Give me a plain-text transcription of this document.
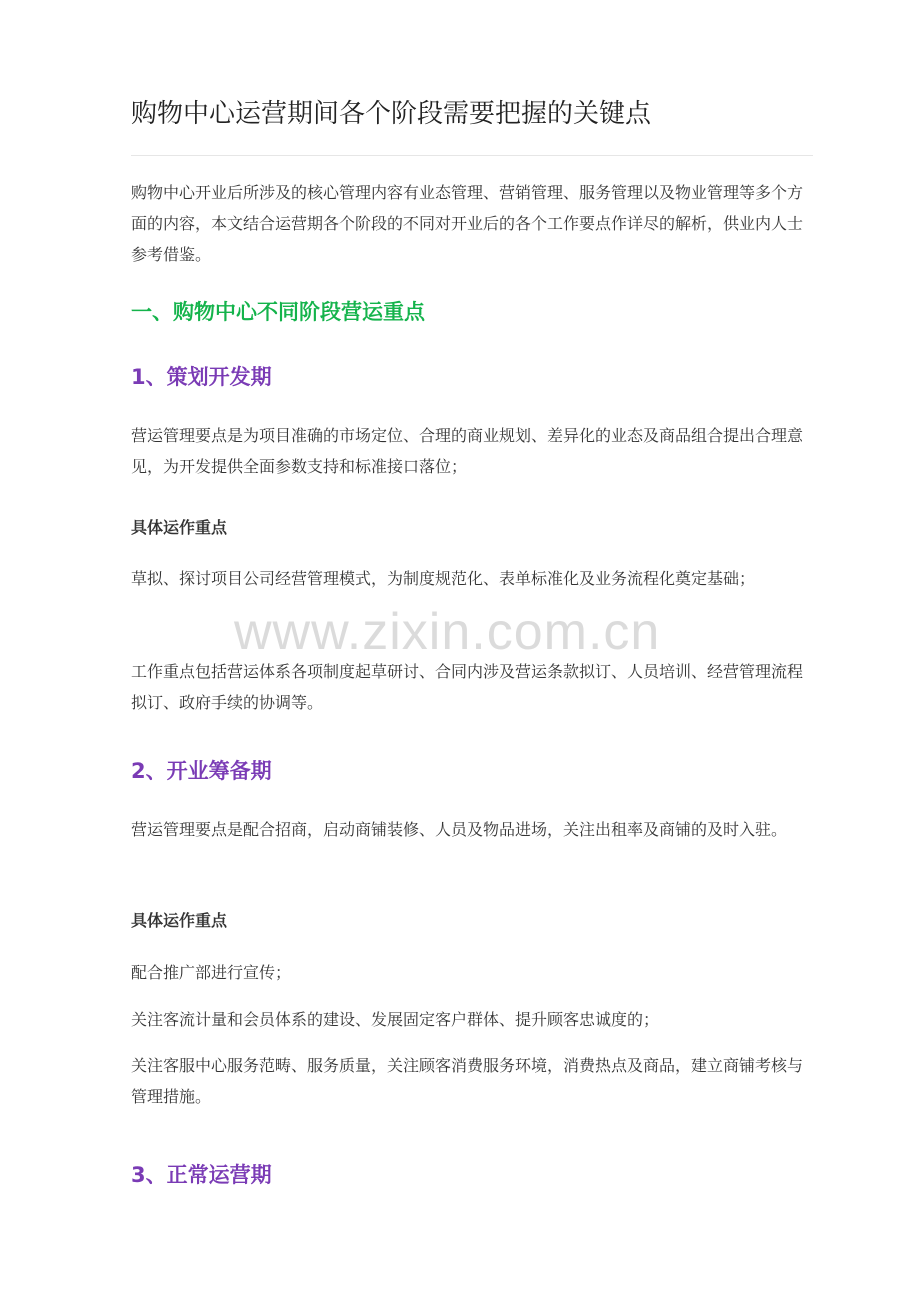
购物中心运营期间各个阶段需要把握的关键点

购物中心开业后所涉及的核心管理内容有业态管理、营销管理、服务管理以及物业管理等多个方面的内容，本文结合运营期各个阶段的不同对开业后的各个工作要点作详尽的解析，供业内人士参考借鉴。

一、购物中心不同阶段营运重点
1、策划开发期

营运管理要点是为项目准确的市场定位、合理的商业规划、差异化的业态及商品组合提出合理意见，为开发提供全面参数支持和标准接口落位；

具体运作重点

草拟、探讨项目公司经营管理模式，为制度规范化、表单标准化及业务流程化奠定基础；

工作重点包括营运体系各项制度起草研讨、合同内涉及营运条款拟订、人员培训、经营管理流程拟订、政府手续的协调等。

2、开业筹备期

营运管理要点是配合招商，启动商铺装修、人员及物品进场，关注出租率及商铺的及时入驻。

具体运作重点

配合推广部进行宣传；

关注客流计量和会员体系的建设、发展固定客户群体、提升顾客忠诚度的；

关注客服中心服务范畴、服务质量，关注顾客消费服务环境，消费热点及商品，建立商铺考核与管理措施。

3、正常运营期
www.zixin.com.cn
